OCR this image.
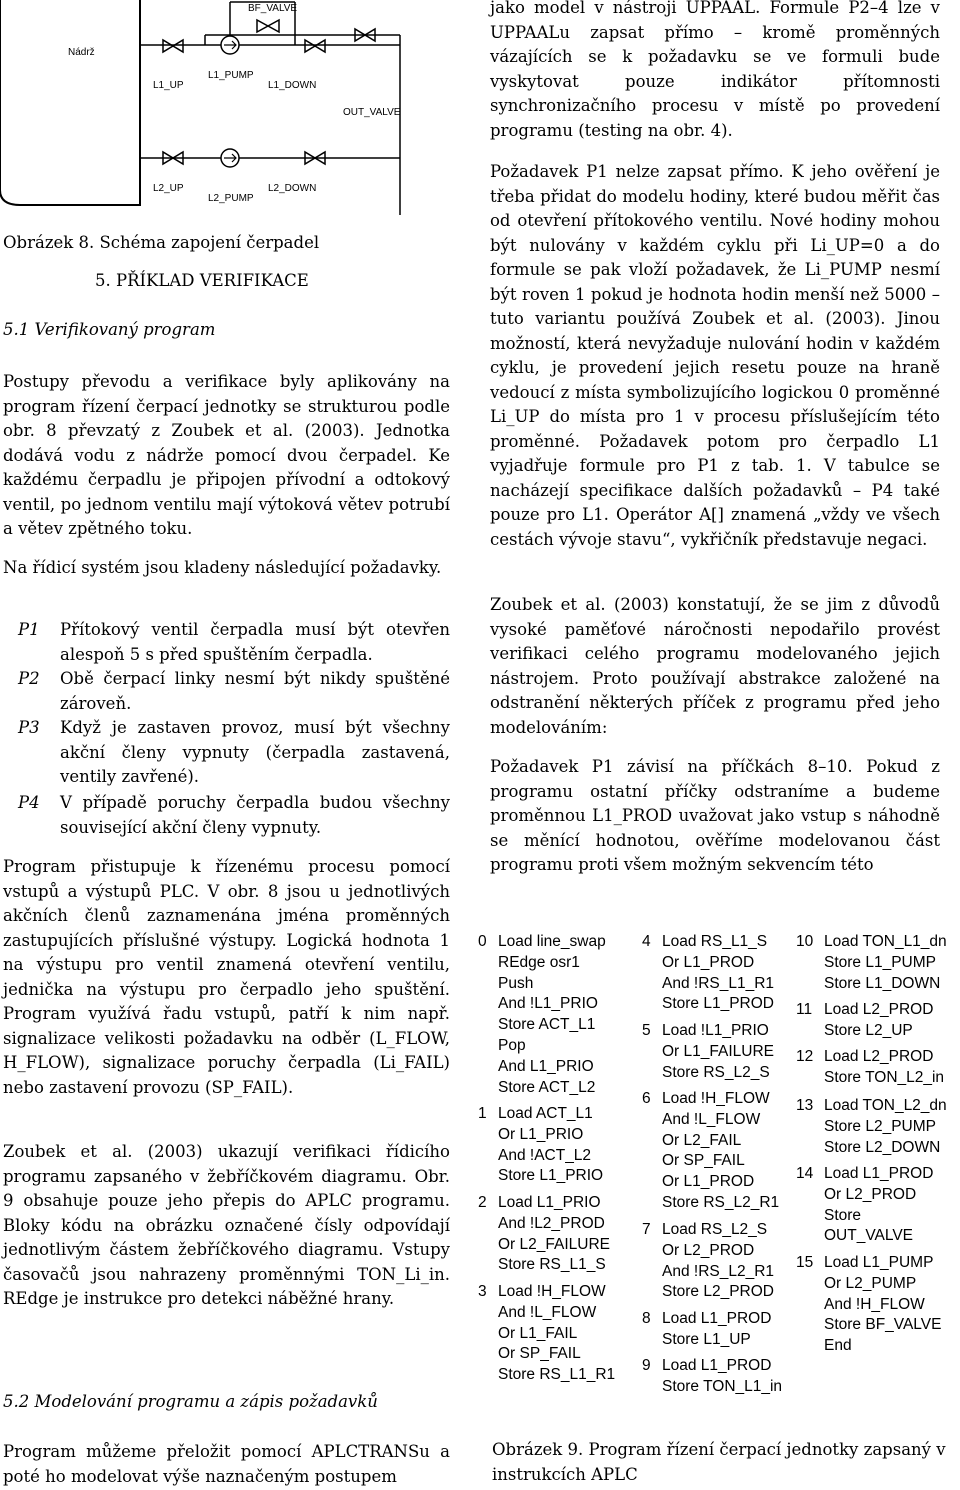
Nádrž
BF_VALVE
L1_UP
L1_PUMP
L1_DOWN
OUT_VALVE
L2_UP
L2_PUMP
L2_DOWN

Obrázek 8. Schéma zapojení čerpadel

5. PŘÍKLAD VERIFIKACE

5.1 Verifikovaný program

Postupy převodu a verifikace byly aplikovány na program řízení čerpací jednotky se strukturou podle obr. 8 převzatý z Zoubek et al. (2003). Jednotka dodává vodu z nádrže pomocí dvou čerpadel. Ke každému čerpadlu je připojen přívodní a odtokový ventil, po jednom ventilu mají výtoková větev potrubí a větev zpětného toku.

Na řídicí systém jsou kladeny následující požadavky.

P1 Přítokový ventil čerpadla musí být otevřen alespoň 5 s před spuštěním čerpadla.
P2 Obě čerpací linky nesmí být nikdy spuštěné zároveň.
P3 Když je zastaven provoz, musí být všechny akční členy vypnuty (čerpadla zastavená, ventily zavřené).
P4 V případě poruchy čerpadla budou všechny související akční členy vypnuty.

Program přistupuje k řízenému procesu pomocí vstupů a výstupů PLC. V obr. 8 jsou u jednotlivých akčních členů zaznamenána jména proměnných zastupujících příslušné výstupy. Logická hodnota 1 na výstupu pro ventil znamená otevření ventilu, jednička na výstupu pro čerpadlo jeho spuštění. Program využívá řadu vstupů, patří k nim např. signalizace velikosti požadavku na odběr (L_FLOW, H_FLOW), signalizace poruchy čerpadla (Li_FAIL) nebo zastavení provozu (SP_FAIL).

Zoubek et al. (2003) ukazují verifikaci řídicího programu zapsaného v žebříčkovém diagramu. Obr. 9 obsahuje pouze jeho přepis do APLC programu. Bloky kódu na obrázku označené čísly odpovídají jednotlivým částem žebříčkového diagramu. Vstupy časovačů jsou nahrazeny proměnnými TON_Li_in. REdge je instrukce pro detekci náběžné hrany.

5.2 Modelování programu a zápis požadavků

Program můžeme přeložit pomocí APLCTRANSu a poté ho modelovat výše naznačeným postupem

jako model v nástroji UPPAAL. Formule P2–4 lze v UPPAALu zapsat přímo – kromě proměnných vázajících se k požadavku se ve formuli bude vyskytovat pouze indikátor přítomnosti synchronizačního procesu v místě po provedení programu (testing na obr. 4).

Požadavek P1 nelze zapsat přímo. K jeho ověření je třeba přidat do modelu hodiny, které budou měřit čas od otevření přítokového ventilu. Nové hodiny mohou být nulovány v každém cyklu při Li_UP=0 a do formule se pak vloží požadavek, že Li_PUMP nesmí být roven 1 pokud je hodnota hodin menší než 5000 – tuto variantu používá Zoubek et al. (2003). Jinou možností, která nevyžaduje nulování hodin v každém cyklu, je provedení jejich resetu pouze na hraně vedoucí z místa symbolizujícího logickou 0 proměnné Li_UP do místa pro 1 v procesu příslušejícím této proměnné. Požadavek potom pro čerpadlo L1 vyjadřuje formule pro P1 z tab. 1. V tabulce se nacházejí specifikace dalších požadavků – P4 také pouze pro L1. Operátor A[] znamená „vždy ve všech cestách vývoje stavu“, vykřičník představuje negaci.

Zoubek et al. (2003) konstatují, že se jim z důvodů vysoké paměťové náročnosti nepodařilo provést verifikaci celého programu modelovaného jejich nástrojem. Proto používají abstrakce založené na odstranění některých příček z programu před jeho modelováním:

Požadavek P1 závisí na příčkách 8–10. Pokud z programu ostatní příčky odstraníme a budeme proměnnou L1_PROD uvažovat jako vstup s náhodně se měnící hodnotou, ověříme modelovanou část programu proti všem možným sekvencím této

0 Load line_swap
REdge osr1
Push
And !L1_PRIO
Store ACT_L1
Pop
And L1_PRIO
Store ACT_L2
1 Load ACT_L1
Or L1_PRIO
And !ACT_L2
Store L1_PRIO
2 Load L1_PRIO
And !L2_PROD
Or L2_FAILURE
Store RS_L1_S
3 Load !H_FLOW
And !L_FLOW
Or L1_FAIL
Or SP_FAIL
Store RS_L1_R1
4 Load RS_L1_S
Or L1_PROD
And !RS_L1_R1
Store L1_PROD
5 Load !L1_PRIO
Or L1_FAILURE
Store RS_L2_S
6 Load !H_FLOW
And !L_FLOW
Or L2_FAIL
Or SP_FAIL
Or L1_PROD
Store RS_L2_R1
7 Load RS_L2_S
Or L2_PROD
And !RS_L2_R1
Store L2_PROD
8 Load L1_PROD
Store L1_UP
9 Load L1_PROD
Store TON_L1_in
10 Load TON_L1_dn
Store L1_PUMP
Store L1_DOWN
11 Load L2_PROD
Store L2_UP
12 Load L2_PROD
Store TON_L2_in
13 Load TON_L2_dn
Store L2_PUMP
Store L2_DOWN
14 Load L1_PROD
Or L2_PROD
Store
OUT_VALVE
15 Load L1_PUMP
Or L2_PUMP
And !H_FLOW
Store BF_VALVE
End

Obrázek 9. Program řízení čerpací jednotky zapsaný v instrukcích APLC
